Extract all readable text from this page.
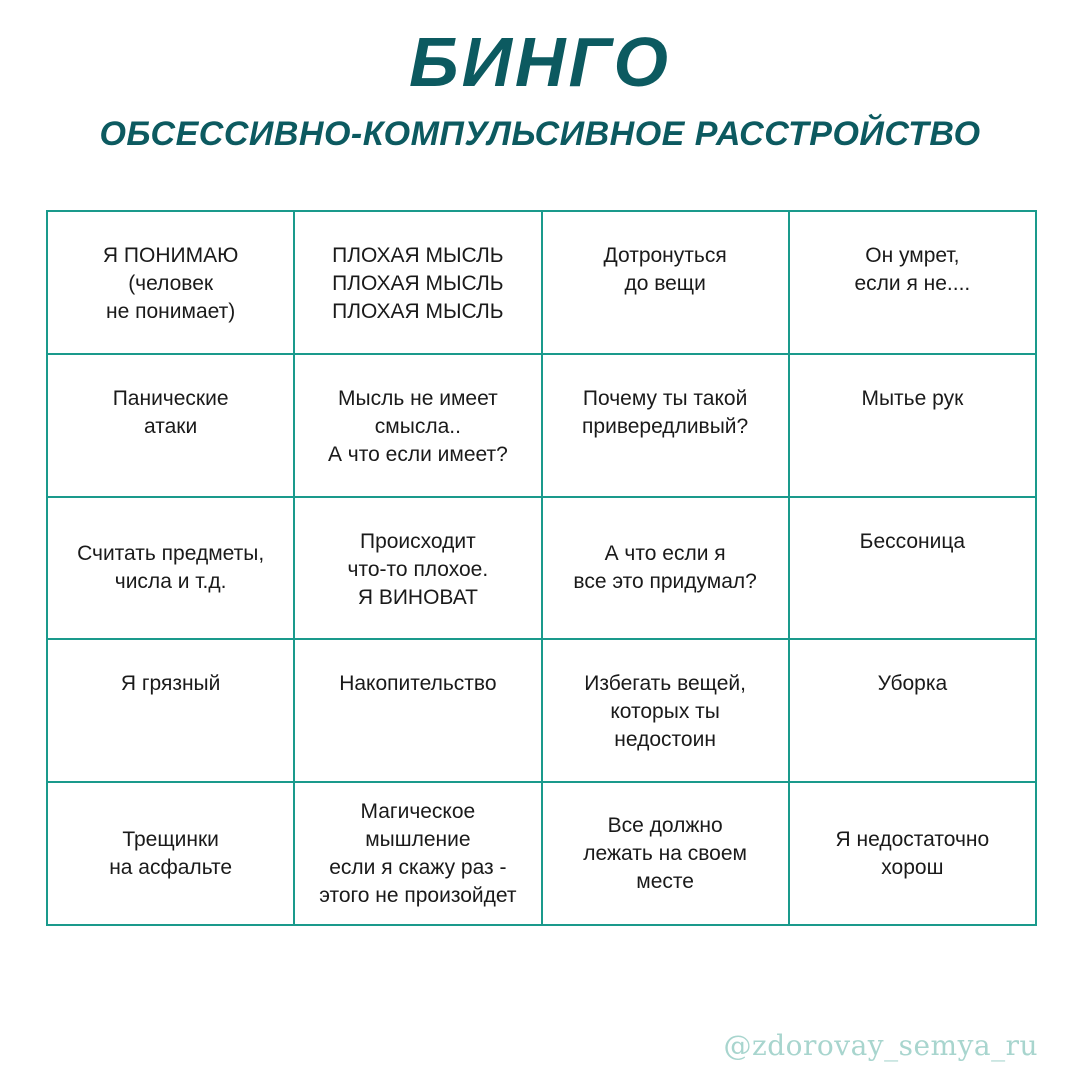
БИНГО
ОБСЕССИВНО-КОМПУЛЬСИВНОЕ РАССТРОЙСТВО
Я ПОНИМАЮ
(человек
не понимает)
ПЛОХАЯ МЫСЛЬ
ПЛОХАЯ МЫСЛЬ
ПЛОХАЯ МЫСЛЬ
Дотронуться
до вещи
Он умрет,
если я не....
Панические
атаки
Мысль не имеет
смысла..
А что если имеет?
Почему ты такой
привередливый?
Мытье рук
Считать предметы,
числа и т.д.
Происходит
что-то плохое.
Я ВИНОВАТ
А что если я
все это придумал?
Бессоница
Я грязный	Накопительство	Избегать вещей,
которых ты
недостоин
Уборка
Трещинки
на асфальте
Магическое
мышление
если я скажу раз -
этого не произойдет
Все должно
лежать на своем
месте
Я недостаточно
хорош
@zdorovay_semya_ru
